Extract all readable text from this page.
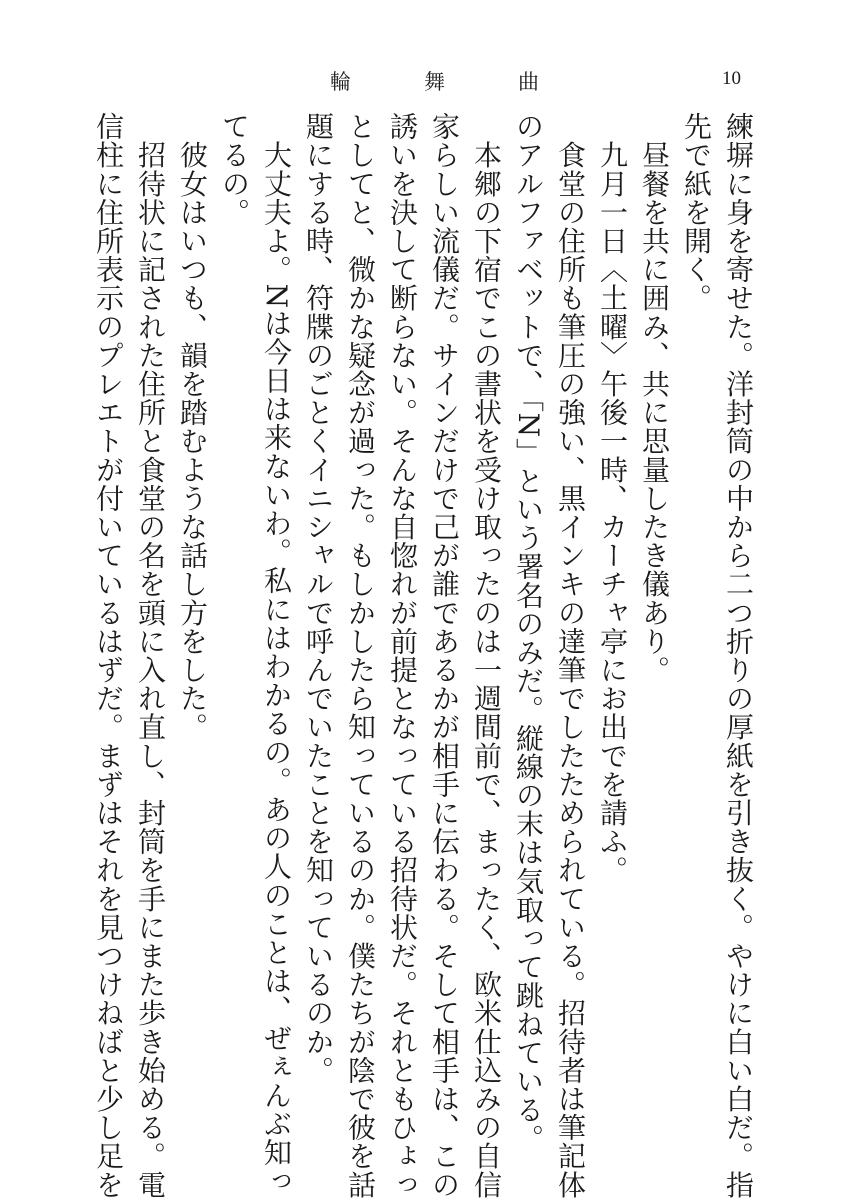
輪　舞　曲	10
練塀に身を寄せた。洋封筒の中から二つ折りの厚紙を引き抜く。やけに白い白だ。指
先で紙を開く。
　昼餐を共に囲み、共に思量したき儀あり。
　九月一日〈土曜〉午後一時、カーチャ亭にお出でを請ふ。
　食堂の住所も筆圧の強い、黒インキの達筆でしたためられている。招待者は筆記体
のアルファベットで、「N」という署名のみだ。縦線の末は気取って跳ねている。
　本郷の下宿でこの書状を受け取ったのは一週間前で、まったく、欧米仕込みの自信
家らしい流儀だ。サインだけで己が誰であるかが相手に伝わる。そして相手は、この
誘いを決して断らない。そんな自惚れが前提となっている招待状だ。それともひょっ
としてと、微かな疑念が過った。もしかしたら知っているのか。僕たちが陰で彼を話
題にする時、符牒のごとくイニシャルで呼んでいたことを知っているのか。
　大丈夫よ。Nは今日は来ないわ。私にはわかるの。あの人のことは、ぜぇんぶ知っ
てるの。
　彼女はいつも、韻を踏むような話し方をした。
　招待状に記された住所と食堂の名を頭に入れ直し、封筒を手にまた歩き始める。電
信柱に住所表示のプレエトが付いているはずだ。まずはそれを見つけねばと少し足を
